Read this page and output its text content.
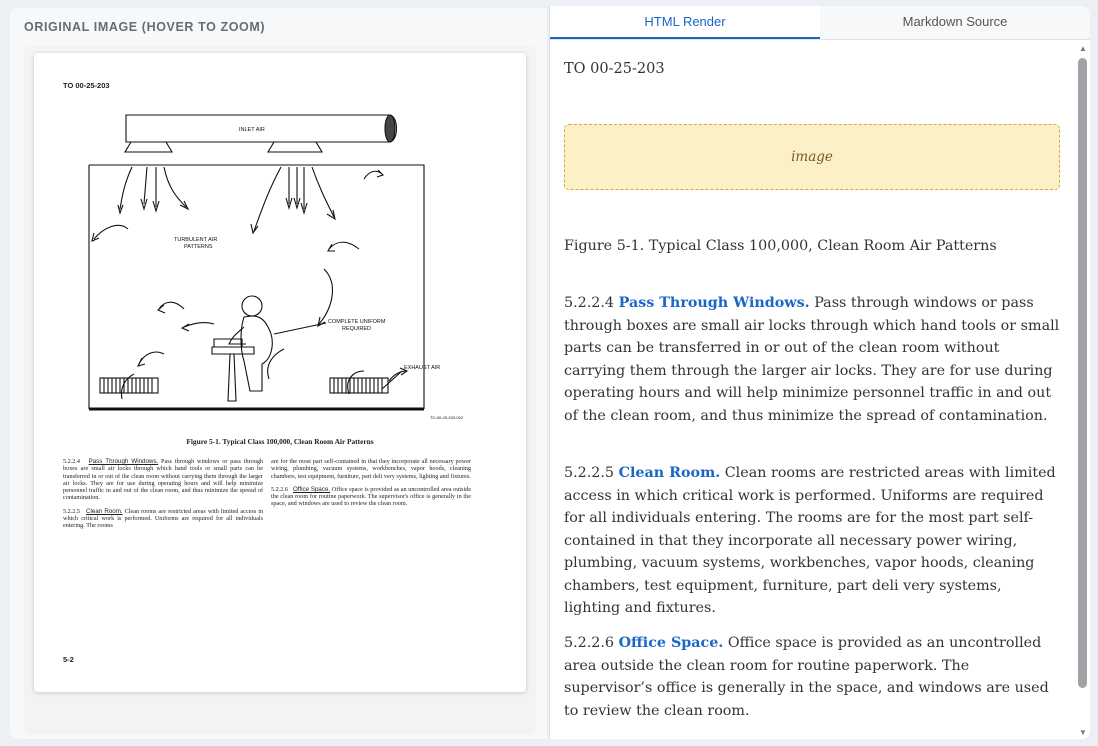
ORIGINAL IMAGE (HOVER TO ZOOM)
TO 00-25-203
INLET AIR
TURBULENT AIR
PATTERNS
COMPLETE UNIFORM
REQUIRED
EXHAUST AIR
TO-00-25-203-002
Figure 5-1. Typical Class 100,000, Clean Room Air Patterns

5.2.2.4 Pass Through Windows. Pass through windows or pass through boxes are small air locks through which hand tools or small parts can be transferred in or out of the clean room without carrying them through the larger air locks. They are for use during operating hours and will help minimize personnel traffic in and out of the clean room, and thus minimize the spread of contamination.

5.2.2.5 Clean Room. Clean rooms are restricted areas with limited access in which critical work is performed. Uniforms are required for all individuals entering. The rooms

are for the most part self-contained in that they incorporate all necessary power wiring, plumbing, vacuum systems, workbenches, vapor hoods, cleaning chambers, test equipment, furniture, part deli very systems, lighting and fixtures.

5.2.2.6 Office Space. Office space is provided as an uncontrolled area outside the clean room for routine paperwork. The supervisor's office is generally in the space, and windows are used to review the clean room.

5-2
HTML Render	Markdown Source
TO 00-25-203
image
Figure 5-1. Typical Class 100,000, Clean Room Air Patterns
5.2.2.4 Pass Through Windows. Pass through windows or pass through boxes are small air locks through which hand tools or small parts can be transferred in or out of the clean room without carrying them through the larger air locks. They are for use during operating hours and will help minimize personnel traffic in and out of the clean room, and thus minimize the spread of contamination.
5.2.2.5 Clean Room. Clean rooms are restricted areas with limited access in which critical work is performed. Uniforms are required for all individuals entering. The rooms are for the most part self-contained in that they incorporate all necessary power wiring, plumbing, vacuum systems, workbenches, vapor hoods, cleaning chambers, test equipment, furniture, part deli very systems, lighting and fixtures.
5.2.2.6 Office Space. Office space is provided as an uncontrolled area outside the clean room for routine paperwork. The supervisor’s office is generally in the space, and windows are used to review the clean room.
▲
▼
